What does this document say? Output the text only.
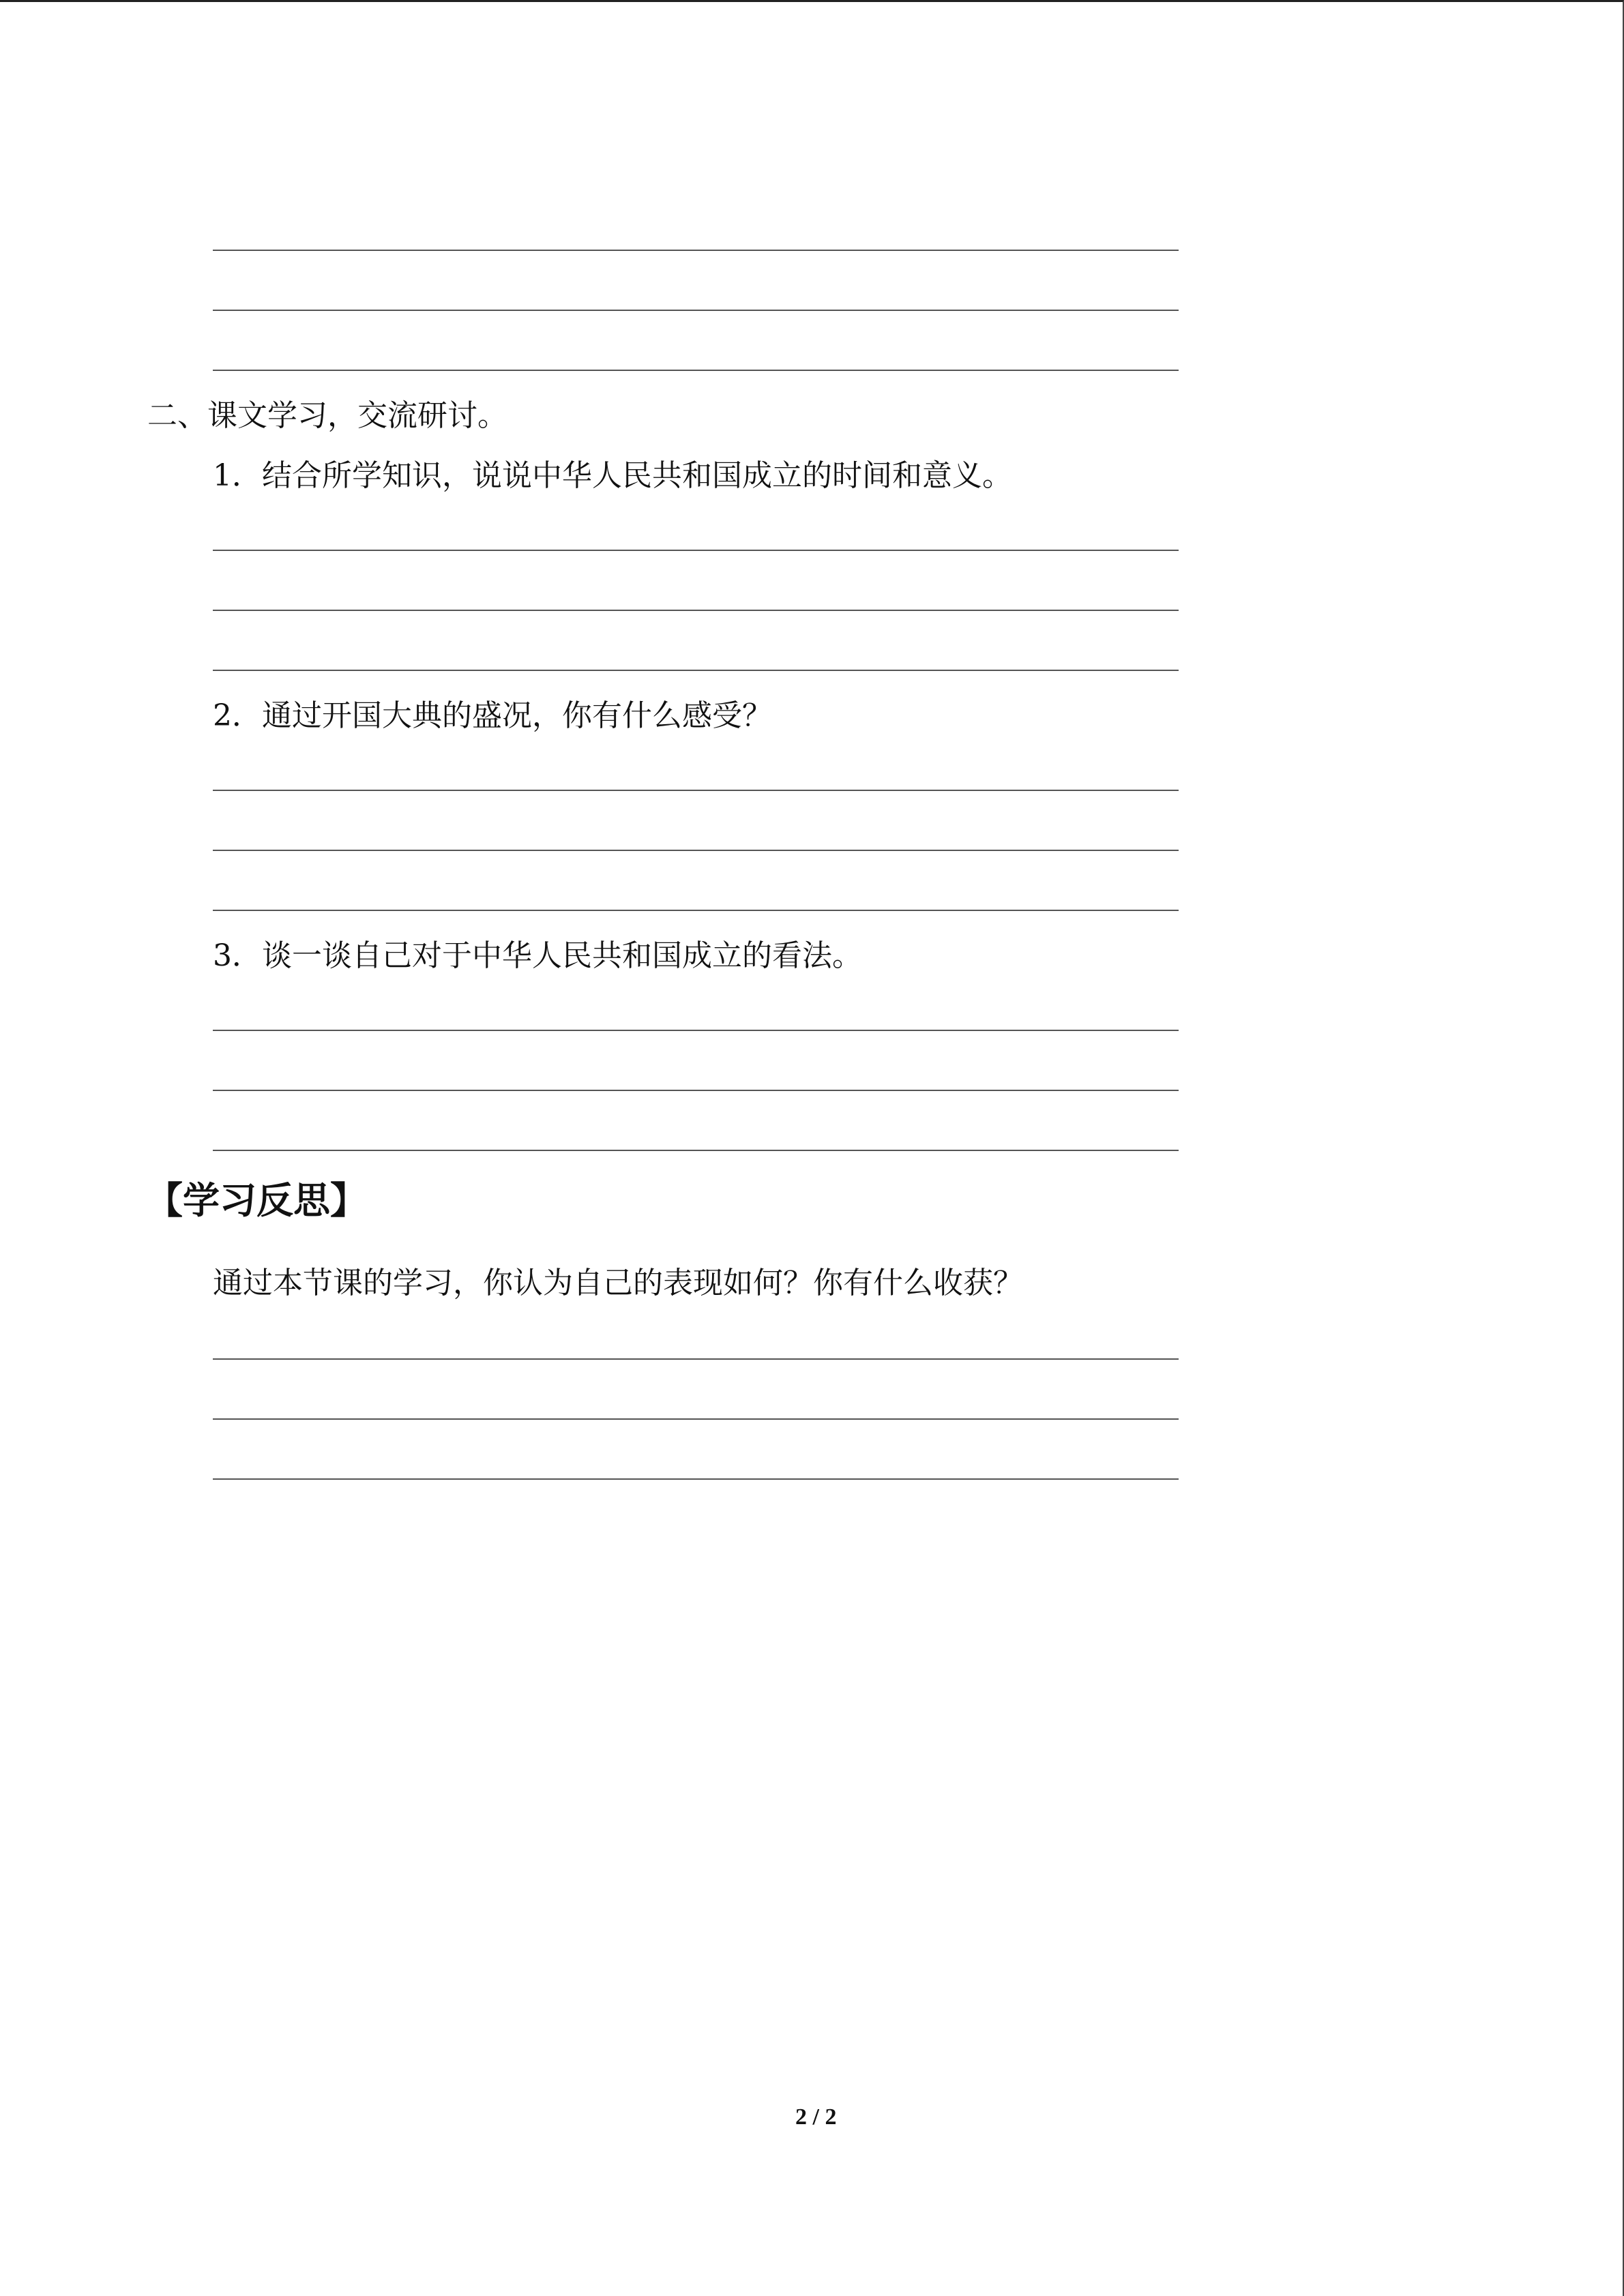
二、课文学习，交流研讨。
1．结合所学知识，说说中华人民共和国成立的时间和意义。
2．通过开国大典的盛况，你有什么感受？
3．谈一谈自己对于中华人民共和国成立的看法。
【学习反思】
通过本节课的学习，你认为自己的表现如何？你有什么收获？
2 / 2
